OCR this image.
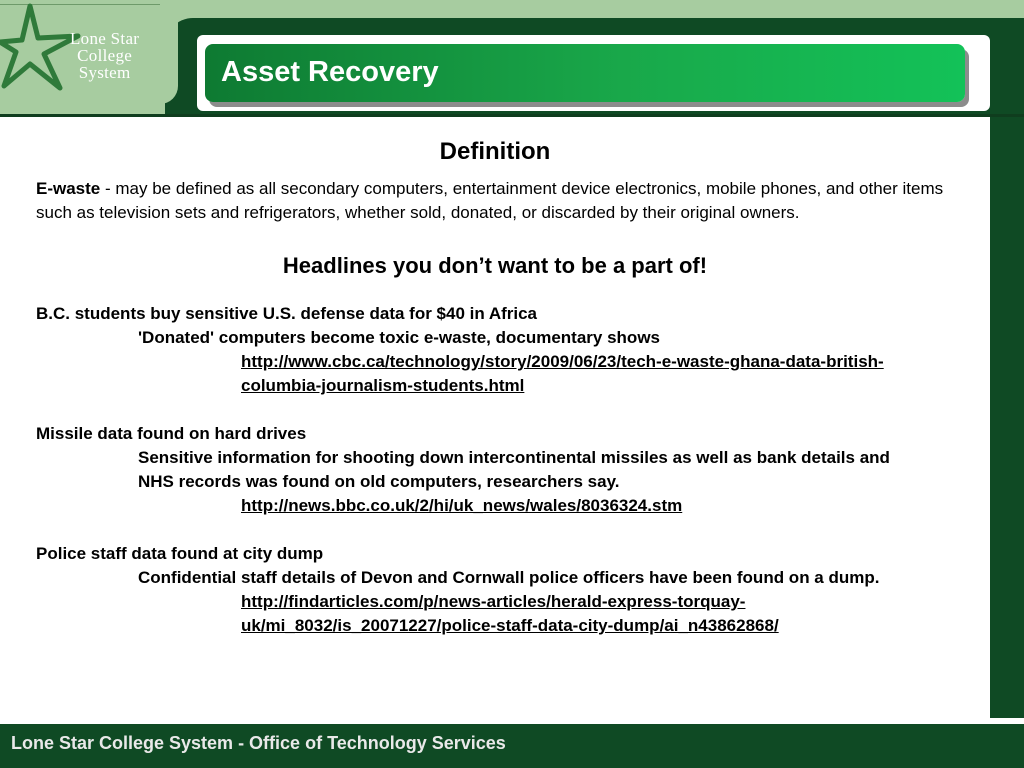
Lone Star
College
System	Asset Recovery
Definition
E-waste - may be defined as all secondary computers, entertainment device electronics, mobile phones, and other items such as television sets and refrigerators, whether sold, donated, or discarded by their original owners.
Headlines you don’t want to be a part of!
B.C. students buy sensitive U.S. defense data for $40 in Africa
'Donated' computers become toxic e-waste, documentary shows
http://www.cbc.ca/technology/story/2009/06/23/tech-e-waste-ghana-data-british-columbia-journalism-students.html
Missile data found on hard drives
Sensitive information for shooting down intercontinental missiles as well as bank details and NHS records was found on old computers, researchers say.
http://news.bbc.co.uk/2/hi/uk_news/wales/8036324.stm
Police staff data found at city dump
Confidential staff details of Devon and Cornwall police officers have been found on a dump.
http://findarticles.com/p/news-articles/herald-express-torquay-uk/mi_8032/is_20071227/police-staff-data-city-dump/ai_n43862868/
Lone Star College System - Office of Technology Services
